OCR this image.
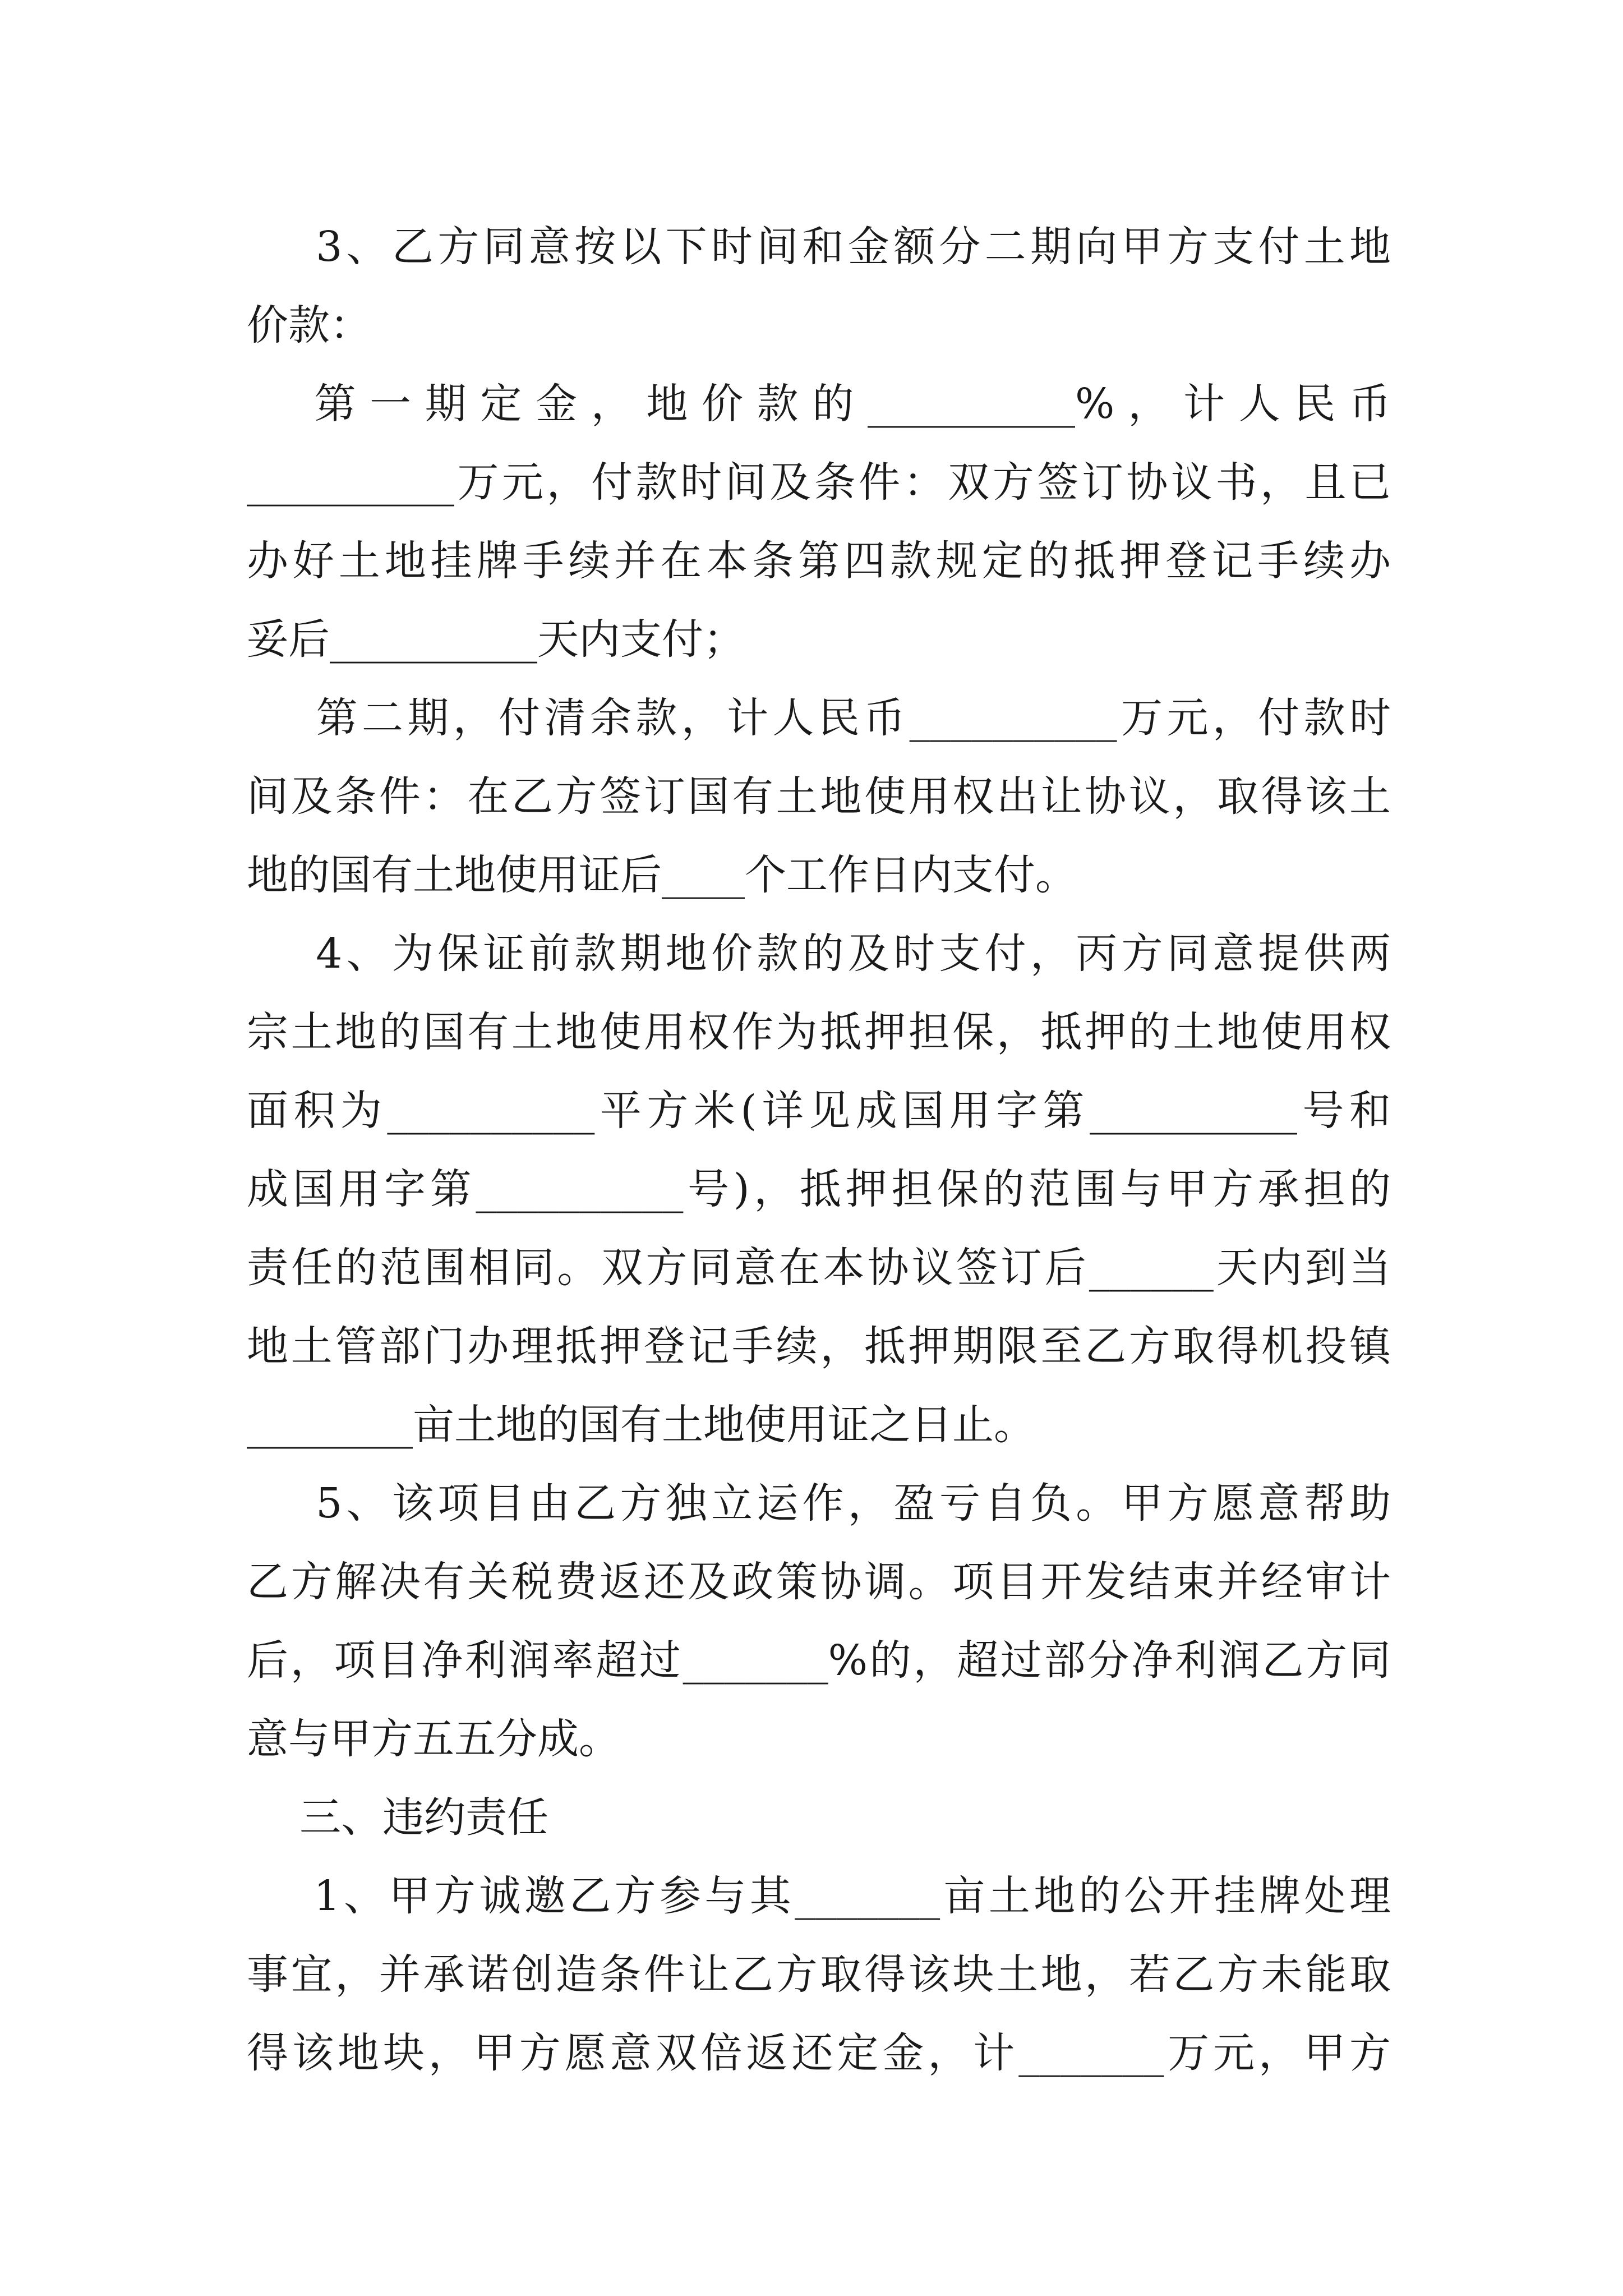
3、乙方同意按以下时间和金额分二期向甲方支付土地
价款：
第 一 期 定 金 ， 地 价 款 的 __________% ， 计 人 民 币
__________万元，付款时间及条件：双方签订协议书，且已
办好土地挂牌手续并在本条第四款规定的抵押登记手续办
妥后__________天内支付；
第二期，付清余款，计人民币__________万元，付款时
间及条件：在乙方签订国有土地使用权出让协议，取得该土
地的国有土地使用证后____个工作日内支付。
4、为保证前款期地价款的及时支付，丙方同意提供两
宗土地的国有土地使用权作为抵押担保，抵押的土地使用权
面积为__________平方米(详见成国用字第__________号和
成国用字第__________号)，抵押担保的范围与甲方承担的
责任的范围相同。双方同意在本协议签订后______天内到当
地土管部门办理抵押登记手续，抵押期限至乙方取得机投镇
________亩土地的国有土地使用证之日止。
5、该项目由乙方独立运作，盈亏自负。甲方愿意帮助
乙方解决有关税费返还及政策协调。项目开发结束并经审计
后，项目净利润率超过_______%的，超过部分净利润乙方同
意与甲方五五分成。
三、违约责任
1、甲方诚邀乙方参与其_______亩土地的公开挂牌处理
事宜，并承诺创造条件让乙方取得该块土地，若乙方未能取
得该地块，甲方愿意双倍返还定金，计_______万元，甲方
